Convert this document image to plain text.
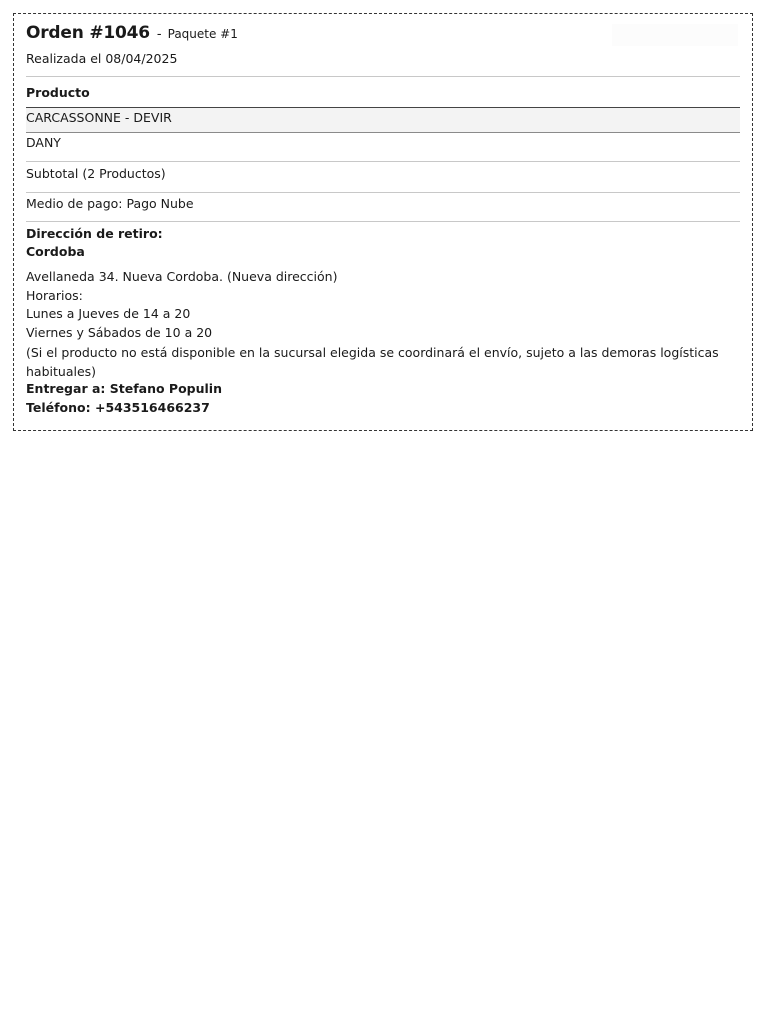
Orden #1046 - Paquete #1
Realizada el 08/04/2025
Producto
CARCASSONNE - DEVIR
DANY
Subtotal (2 Productos)
Medio de pago: Pago Nube
Dirección de retiro:
Cordoba
Avellaneda 34. Nueva Cordoba. (Nueva dirección)
Horarios:
Lunes a Jueves de 14 a 20
Viernes y Sábados de 10 a 20
(Si el producto no está disponible en la sucursal elegida se coordinará el envío, sujeto a las demoras logísticas habituales)
Entregar a: Stefano Populin
Teléfono: +543516466237
